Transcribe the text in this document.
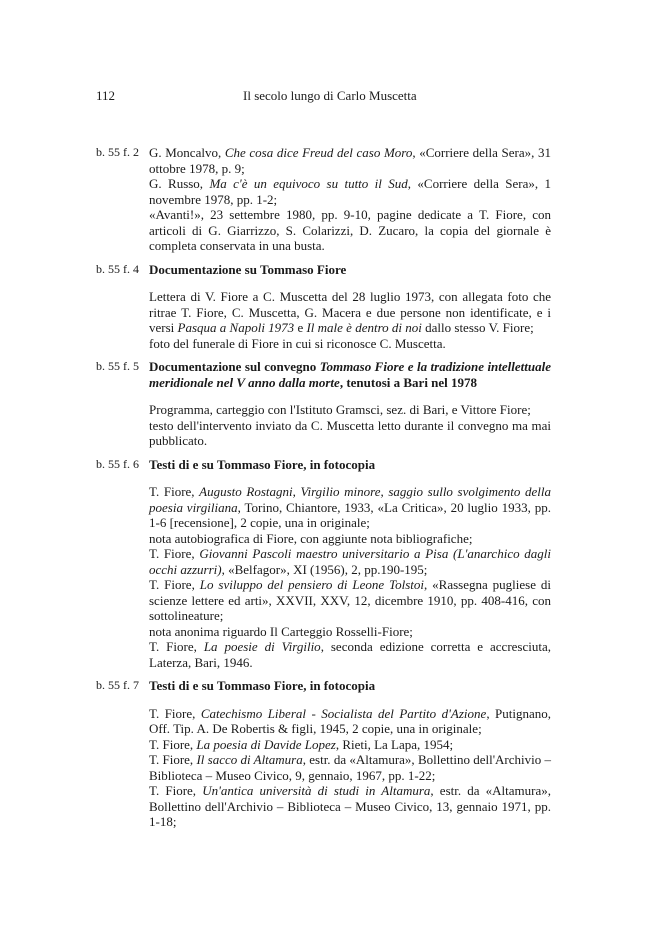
112	Il secolo lungo di Carlo Muscetta
b. 55 f. 2 G. Moncalvo, Che cosa dice Freud del caso Moro, «Corriere della Sera», 31 ottobre 1978, p. 9;
G. Russo, Ma c'è un equivoco su tutto il Sud, «Corriere della Sera», 1 novembre 1978, pp. 1-2;
«Avanti!», 23 settembre 1980, pp. 9-10, pagine dedicate a T. Fiore, con articoli di G. Giarrizzo, S. Colarizzi, D. Zucaro, la copia del giornale è completa conservata in una busta.
b. 55 f. 4 Documentazione su Tommaso Fiore
Lettera di V. Fiore a C. Muscetta del 28 luglio 1973, con allegata foto che ritrae T. Fiore, C. Muscetta, G. Macera e due persone non identificate, e i versi Pasqua a Napoli 1973 e Il male è dentro di noi dallo stesso V. Fiore;
foto del funerale di Fiore in cui si riconosce C. Muscetta.
b. 55 f. 5 Documentazione sul convegno Tommaso Fiore e la tradizione intellettuale meridionale nel V anno dalla morte, tenutosi a Bari nel 1978
Programma, carteggio con l'Istituto Gramsci, sez. di Bari, e Vittore Fiore;
testo dell'intervento inviato da C. Muscetta letto durante il convegno ma mai pubblicato.
b. 55 f. 6 Testi di e su Tommaso Fiore, in fotocopia
T. Fiore, Augusto Rostagni, Virgilio minore, saggio sullo svolgimento della poesia virgiliana, Torino, Chiantore, 1933, «La Critica», 20 luglio 1933, pp. 1-6 [recensione], 2 copie, una in originale;
nota autobiografica di Fiore, con aggiunte nota bibliografiche;
T. Fiore, Giovanni Pascoli maestro universitario a Pisa (L'anarchico dagli occhi azzurri), «Belfagor», XI (1956), 2, pp.190-195;
T. Fiore, Lo sviluppo del pensiero di Leone Tolstoi, «Rassegna pugliese di scienze lettere ed arti», XXVII, XXV, 12, dicembre 1910, pp. 408-416, con sottolineature;
nota anonima riguardo Il Carteggio Rosselli-Fiore;
T. Fiore, La poesie di Virgilio, seconda edizione corretta e accresciuta, Laterza, Bari, 1946.
b. 55 f. 7 Testi di e su Tommaso Fiore, in fotocopia
T. Fiore, Catechismo Liberal - Socialista del Partito d'Azione, Putignano, Off. Tip. A. De Robertis & figli, 1945, 2 copie, una in originale;
T. Fiore, La poesia di Davide Lopez, Rieti, La Lapa, 1954;
T. Fiore, Il sacco di Altamura, estr. da «Altamura», Bollettino dell'Archivio – Biblioteca – Museo Civico, 9, gennaio, 1967, pp. 1-22;
T. Fiore, Un'antica università di studi in Altamura, estr. da «Altamura», Bollettino dell'Archivio – Biblioteca – Museo Civico, 13, gennaio 1971, pp. 1-18;
